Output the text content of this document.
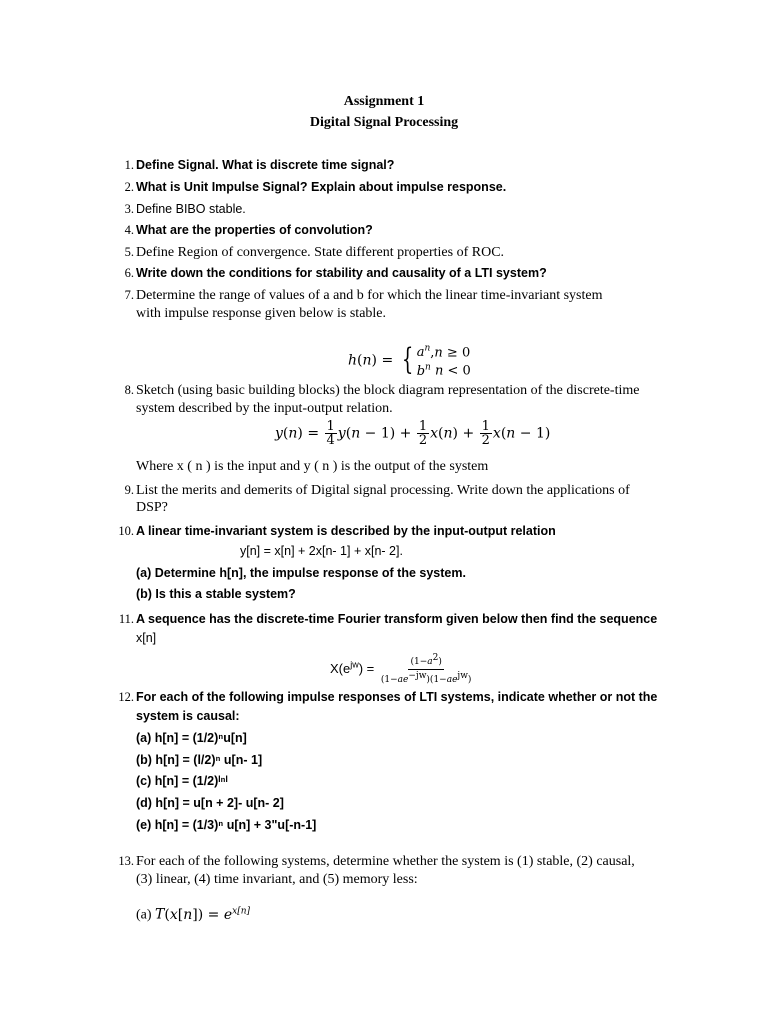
Assignment 1
Digital Signal Processing
1. Define Signal. What is discrete time signal?
2. What is Unit Impulse Signal? Explain about impulse response.
3. Define BIBO stable.
4. What are the properties of convolution?
5. Define Region of convergence. State different properties of ROC.
6. Write down the conditions for stability and causality of a LTI system?
7. Determine the range of values of a and b for which the linear time-invariant system
with impulse response given below is stable.
h(n) = { $a^n,n \ge 0$
$b^n$ n < 0
8. Sketch (using basic building blocks) the block diagram representation of the discrete-time
system described by the input-output relation.
$y(n) = \frac{1}{4} y(n - 1) + \frac{1}{2} x(n) + \frac{1}{2} x(n - 1)$
Where x ( n ) is the input and y ( n ) is the output of the system
9. List the merits and demerits of Digital signal processing. Write down the applications of
DSP?
10. A linear time-invariant system is described by the input-output relation
y[n] = x[n] + 2x[n- 1] + x[n- 2].
(a) Determine h[n], the impulse response of the system.
(b) Is this a stable system?
11. A sequence has the discrete-time Fourier transform given below then find the sequence
x[n]
$X(e^{jw}) = \frac{(1-a^2)}{(1-ae^{-jw})(1-ae^{jw})}$
12. For each of the following impulse responses of LTI systems, indicate whether or not the
system is causal:
(a) h[n] = (1/2)ⁿu[n]
(b) h[n] = (l/2)ⁿ u[n- 1]
(c) h[n] = (1/2)ᴵⁿᴵ
(d) h[n] = u[n + 2]- u[n- 2]
(e) h[n] = (1/3)ⁿ u[n] + 3"u[-n-1]
13. For each of the following systems, determine whether the system is (1) stable, (2) causal,
(3) linear, (4) time invariant, and (5) memory less:
(a) $T(x[n]) = e^{x[n]}$
